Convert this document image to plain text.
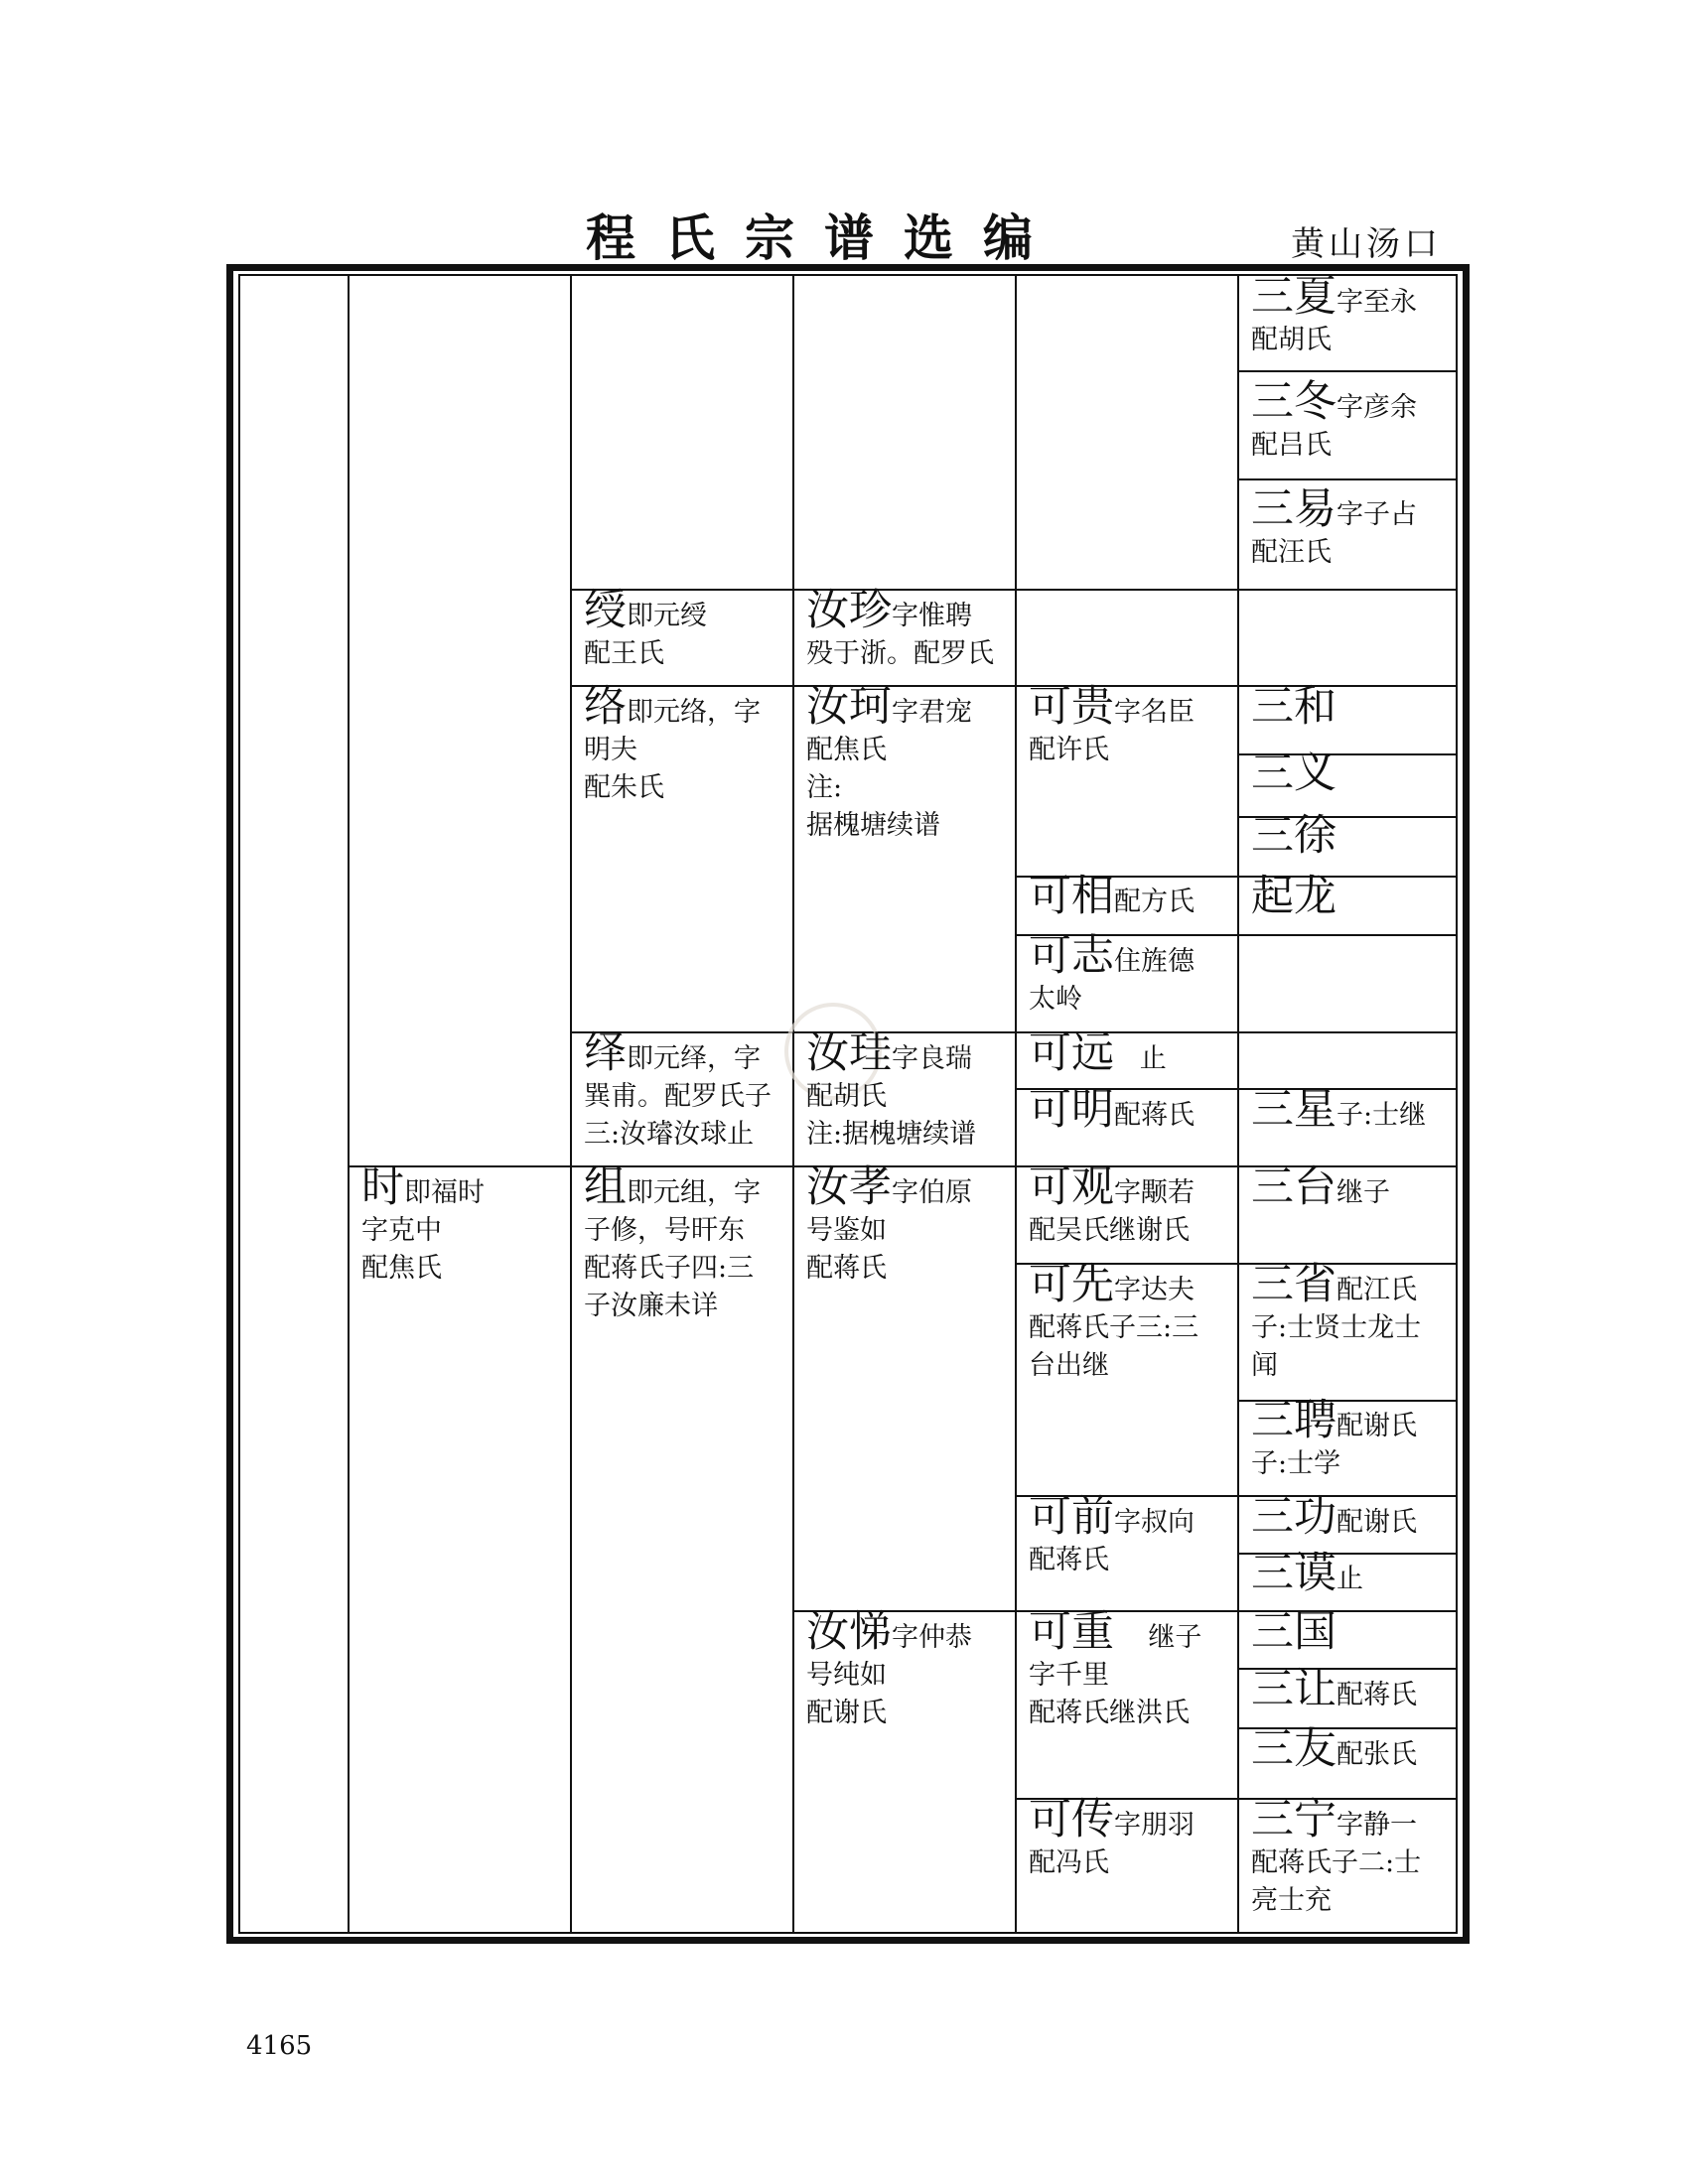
程氏宗谱选编	黄山汤口
三夏字至永
配胡氏
三冬字彦余
配吕氏
三易字子占
配汪氏
绶即元绶
配王氏
汝珍字惟聘
殁于浙。配罗氏
络即元络，字
明夫
配朱氏
汝珂字君宠
配焦氏
注:
据槐塘续谱
可贵字名臣
配许氏
三和
三义
三徐
可相配方氏 起龙
可志住旌德
太岭
绎即元绎，字
巽甫。配罗氏子
三:汝璿汝球止
汝珪字良瑞
配胡氏
注:据槐塘续谱
可远 止
可明配蒋氏 三星子:士继
时即福时
字克中
配焦氏
组即元组，字
子修，号旰东
配蒋氏子四:三
子汝廉未详
汝孝字伯原
号鉴如
配蒋氏
可观字颙若
配吴氏继谢氏
三台继子
可先字达夫
配蒋氏子三:三
台出继
三省配江氏
子:士贤士龙士
闻
三聘配谢氏
子:士学
可前字叔向
配蒋氏
三功配谢氏
三谟止
汝悌字仲恭
号纯如
配谢氏
可重 继子
字千里
配蒋氏继洪氏
三国
三让配蒋氏
三友配张氏
可传字朋羽
配冯氏
三宁字静一
配蒋氏子二:士
亮士充
4165
